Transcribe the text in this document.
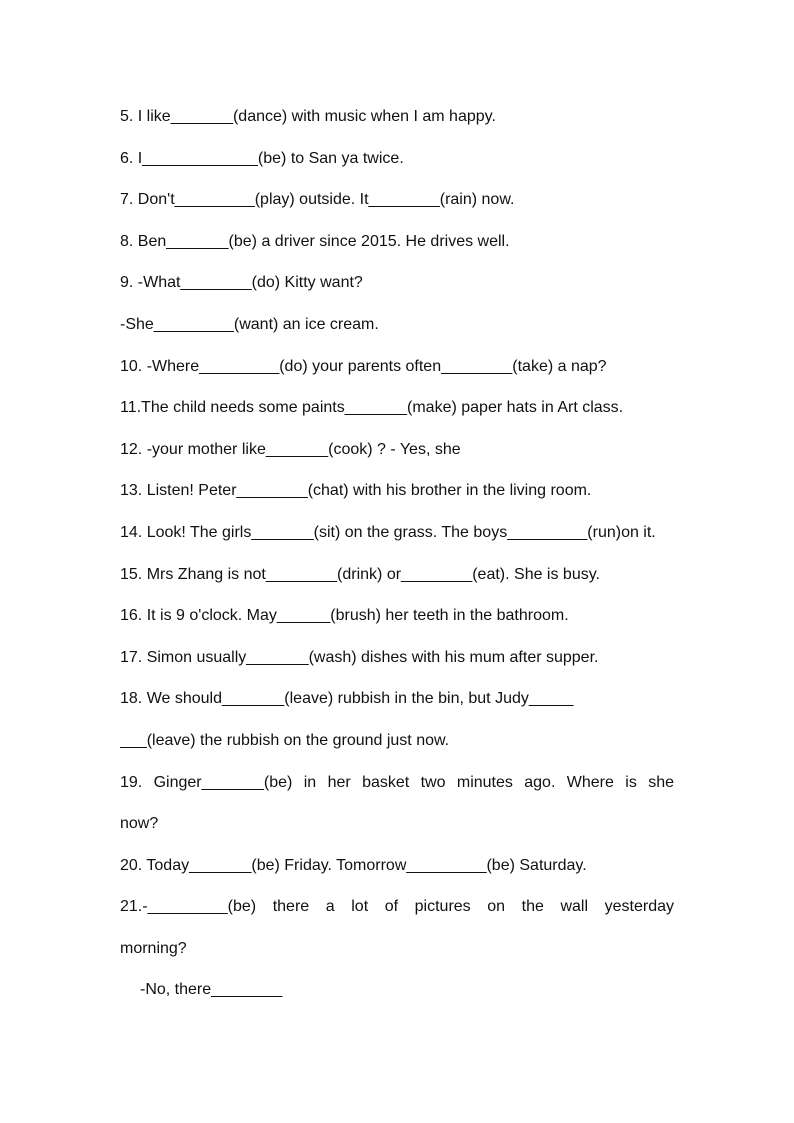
5. I like_______(dance) with music when I am happy.
6. I_____________(be) to San ya twice.
7. Don't_________(play) outside. It________(rain) now.
8. Ben_______(be) a driver since 2015. He drives well.
9. -What________(do) Kitty want?
-She_________(want) an ice cream.
10. -Where_________(do) your parents often________(take) a nap?
11.The child needs some paints_______(make) paper hats in Art class.
12. -your mother like_______(cook) ? - Yes, she
13. Listen! Peter________(chat) with his brother in the living room.
14. Look! The girls_______(sit) on the grass. The boys_________(run)on it.
15. Mrs Zhang is not________(drink) or________(eat). She is busy.
16. It is 9 o'clock. May______(brush) her teeth in the bathroom.
17. Simon usually_______(wash) dishes with his mum after supper.
18. We should_______(leave) rubbish in the bin, but Judy_____
___(leave) the rubbish on the ground just now.
19. Ginger_______(be) in her basket two minutes ago. Where is she
now?
20. Today_______(be) Friday. Tomorrow_________(be) Saturday.
21.-_________(be) there a lot of pictures on the wall yesterday
morning?
-No, there________
